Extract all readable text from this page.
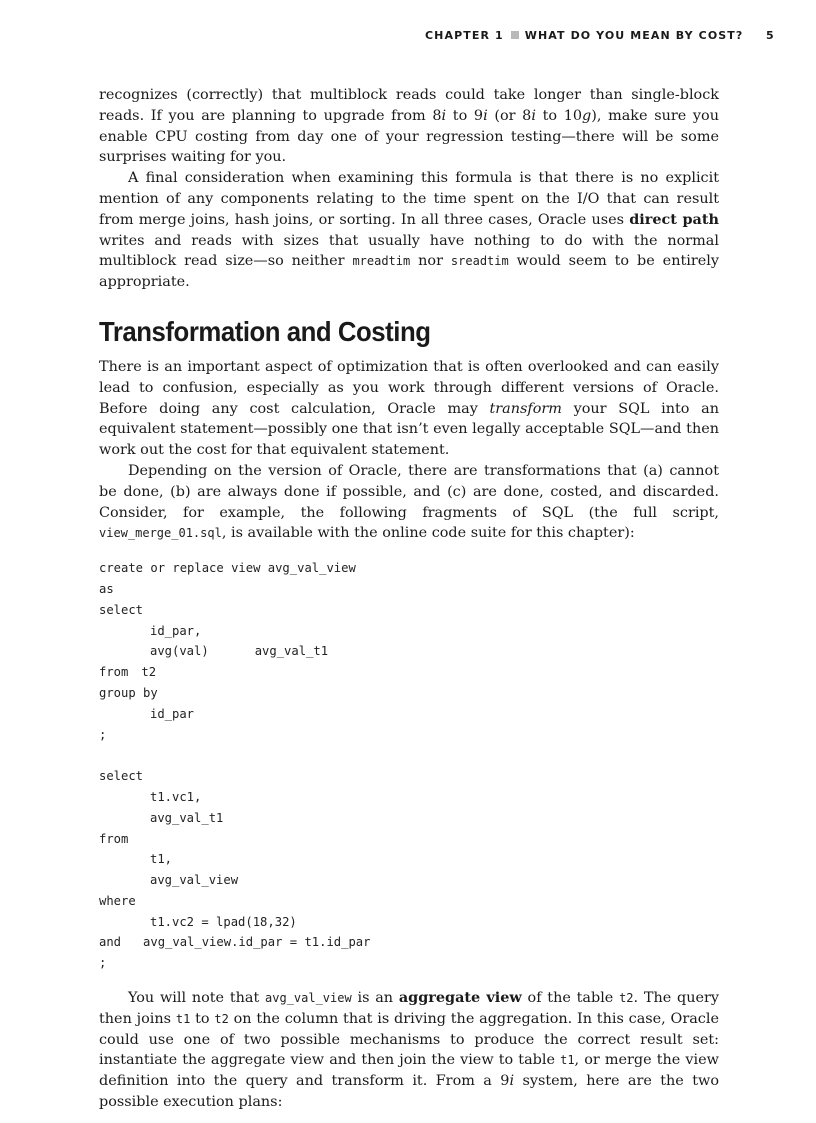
CHAPTER 1 WHAT DO YOU MEAN BY COST? 5

recognizes (correctly) that multiblock reads could take longer than single-block reads. If you are planning to upgrade from 8i to 9i (or 8i to 10g), make sure you enable CPU costing from day one of your regression testing—there will be some surprises waiting for you.

A final consideration when examining this formula is that there is no explicit mention of any components relating to the time spent on the I/O that can result from merge joins, hash joins, or sorting. In all three cases, Oracle uses direct path writes and reads with sizes that usually have nothing to do with the normal multiblock read size—so neither mreadtim nor sreadtim would seem to be entirely appropriate.

Transformation and Costing

There is an important aspect of optimization that is often overlooked and can easily lead to confusion, especially as you work through different versions of Oracle. Before doing any cost calculation, Oracle may transform your SQL into an equivalent statement—possibly one that isn’t even legally acceptable SQL—and then work out the cost for that equivalent statement.

Depending on the version of Oracle, there are transformations that (a) cannot be done, (b) are always done if possible, and (c) are done, costed, and discarded. Consider, for example, the following fragments of SQL (the full script, view_merge_01.sql, is available with the online code suite for this chapter):

create or replace view avg_val_view
as
select
id_par,
avg(val)	avg_val_t1
from t2
group by
id_par
;
select
t1.vc1,
avg_val_t1
from
t1,
avg_val_view
where
t1.vc2 = lpad(18,32)
and avg_val_view.id_par = t1.id_par
;

You will note that avg_val_view is an aggregate view of the table t2. The query then joins t1 to t2 on the column that is driving the aggregation. In this case, Oracle could use one of two possible mechanisms to produce the correct result set: instantiate the aggregate view and then join the view to table t1, or merge the view definition into the query and transform it. From a 9i system, here are the two possible execution plans:
